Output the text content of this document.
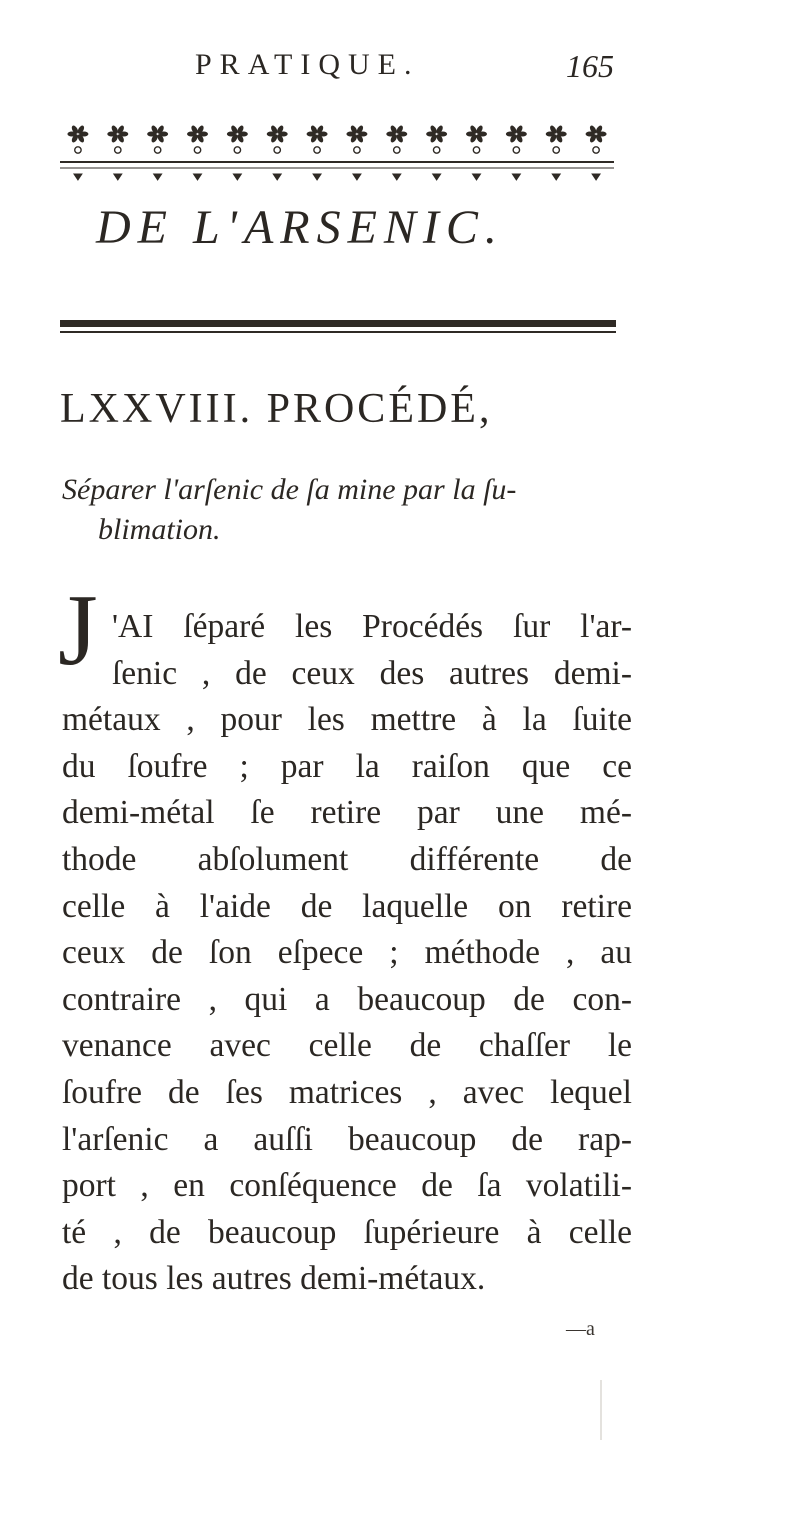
PRATIQUE.	165
DE L'ARSENIC.
LXXVIII. PROCÉDÉ,
Séparer l'arſenic de ſa mine par la ſu-
blimation.
J 'AI ſéparé les Procédés ſur l'ar-
ſenic , de ceux des autres demi-
métaux , pour les mettre à la ſuite
du ſoufre ; par la raiſon que ce
demi-métal ſe retire par une mé-
thode abſolument différente de
celle à l'aide de laquelle on retire
ceux de ſon eſpece ; méthode , au
contraire , qui a beaucoup de con-
venance avec celle de chaſſer le
ſoufre de ſes matrices , avec lequel
l'arſenic a auſſi beaucoup de rap-
port , en conſéquence de ſa volatili-
té , de beaucoup ſupérieure à celle
de tous les autres demi-métaux.
—a
